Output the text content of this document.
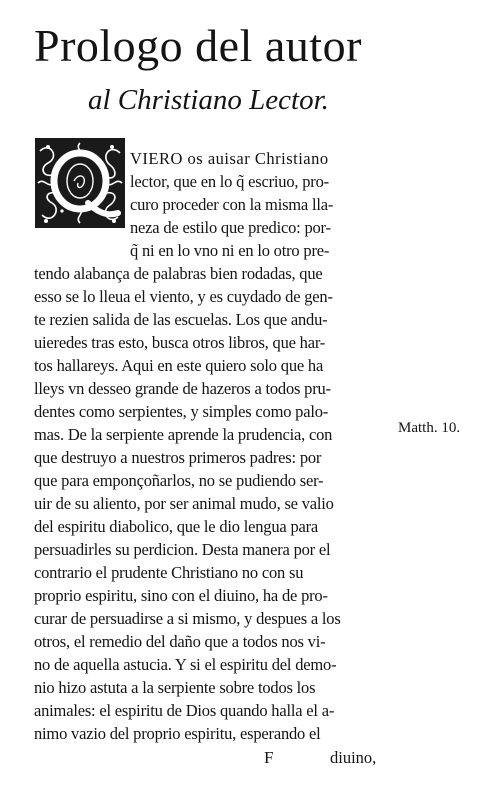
Prologo del autor
al Christiano Lector.
VIERO os auisar Christiano
lector, que en lo q̃ escriuo, pro-
curo proceder con la misma lla-
neza de estilo que predico: por-
q̃ ni en lo vno ni en lo otro pre-
tendo alabança de palabras bien rodadas, que
esso se lo lleua el viento, y es cuydado de gen-
te rezien salida de las escuelas. Los que andu-
uieredes tras esto, busca otros libros, que har-
tos hallareys. Aqui en este quiero solo que ha
lleys vn desseo grande de hazeros a todos pru-
dentes como serpientes, y simples como palo-
mas. De la serpiente aprende la prudencia, con
que destruyo a nuestros primeros padres: por
que para emponçoñarlos, no se pudiendo ser-
uir de su aliento, por ser animal mudo, se valio
del espiritu diabolico, que le dio lengua para
persuadirles su perdicion. Desta manera por el
contrario el prudente Christiano no con su
proprio espiritu, sino con el diuino, ha de pro-
curar de persuadirse a si mismo, y despues a los
otros, el remedio del daño que a todos nos vi-
no de aquella astucia. Y si el espiritu del demo-
nio hizo astuta a la serpiente sobre todos los
animales: el espiritu de Dios quando halla el a-
nimo vazio del proprio espiritu, esperando el
Matth. 10.
F	diuino,
